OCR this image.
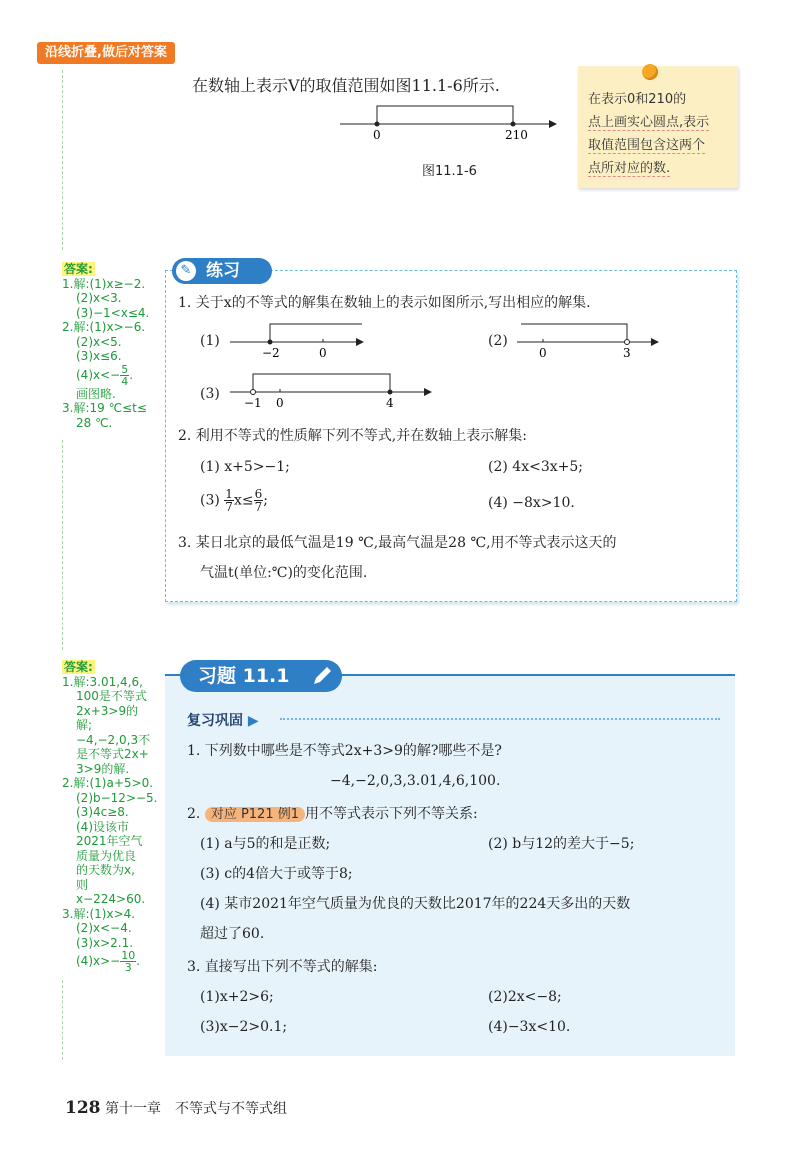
沿线折叠,做后对答案
在数轴上表示V的取值范围如图11.1-6所示.
0	210
图11.1-6
在表示0和210的
点上画实心圆点,表示
取值范围包含这两个
点所对应的数.
答案:
1.解:(1)x≥−2.
(2)x<3.
(3)−1<x≤4.
2.解:(1)x>−6.
(2)x<5.
(3)x≤6.
$(4)x<- \frac{5}{4}$ .
画图略.
3.解:19 ℃≤t≤
28 ℃.
✎ 练习
1. 关于x的不等式的解集在数轴上的表示如图所示,写出相应的解集.
(1)
−2	0
(2)
0	3
(3)
−1 0	4
2. 利用不等式的性质解下列不等式,并在数轴上表示解集:
(1) x+5>−1;	(2) 4x<3x+5;
$(3) \frac{1}{7} x\le \frac{6}{7}$ ;	(4) −8x>10.
3. 某日北京的最低气温是19 ℃,最高气温是28 ℃,用不等式表示这天的
气温t(单位:℃)的变化范围.
答案:
1.解:3.01,4,6,
100是不等式
2x+3>9的解;
−4,−2,0,3不
是不等式2x+
3>9的解.
2.解:(1)a+5>0.
(2)b−12>−5.
(3)4c≥8.
(4)设该市
2021年空气
质量为优良
的天数为x,
则x−224>60.
3.解:(1)x>4.
(2)x<−4.
(3)x>2.1.
$(4)x>- \frac{10}{3}$ .
习题 11.1
复习巩固 ▶
1. 下列数中哪些是不等式2x+3>9的解?哪些不是?
−4,−2,0,3,3.01,4,6,100.
2. 对应 P121 例1 用不等式表示下列不等关系:
(1) a与5的和是正数;	(2) b与12的差大于−5;
(3) c的4倍大于或等于8;
(4) 某市2021年空气质量为优良的天数比2017年的224天多出的天数
超过了60.
3. 直接写出下列不等式的解集:
(1)x+2>6;	(2)2x<−8;
(3)x−2>0.1;	(4)−3x<10.
128 第十一章　不等式与不等式组
